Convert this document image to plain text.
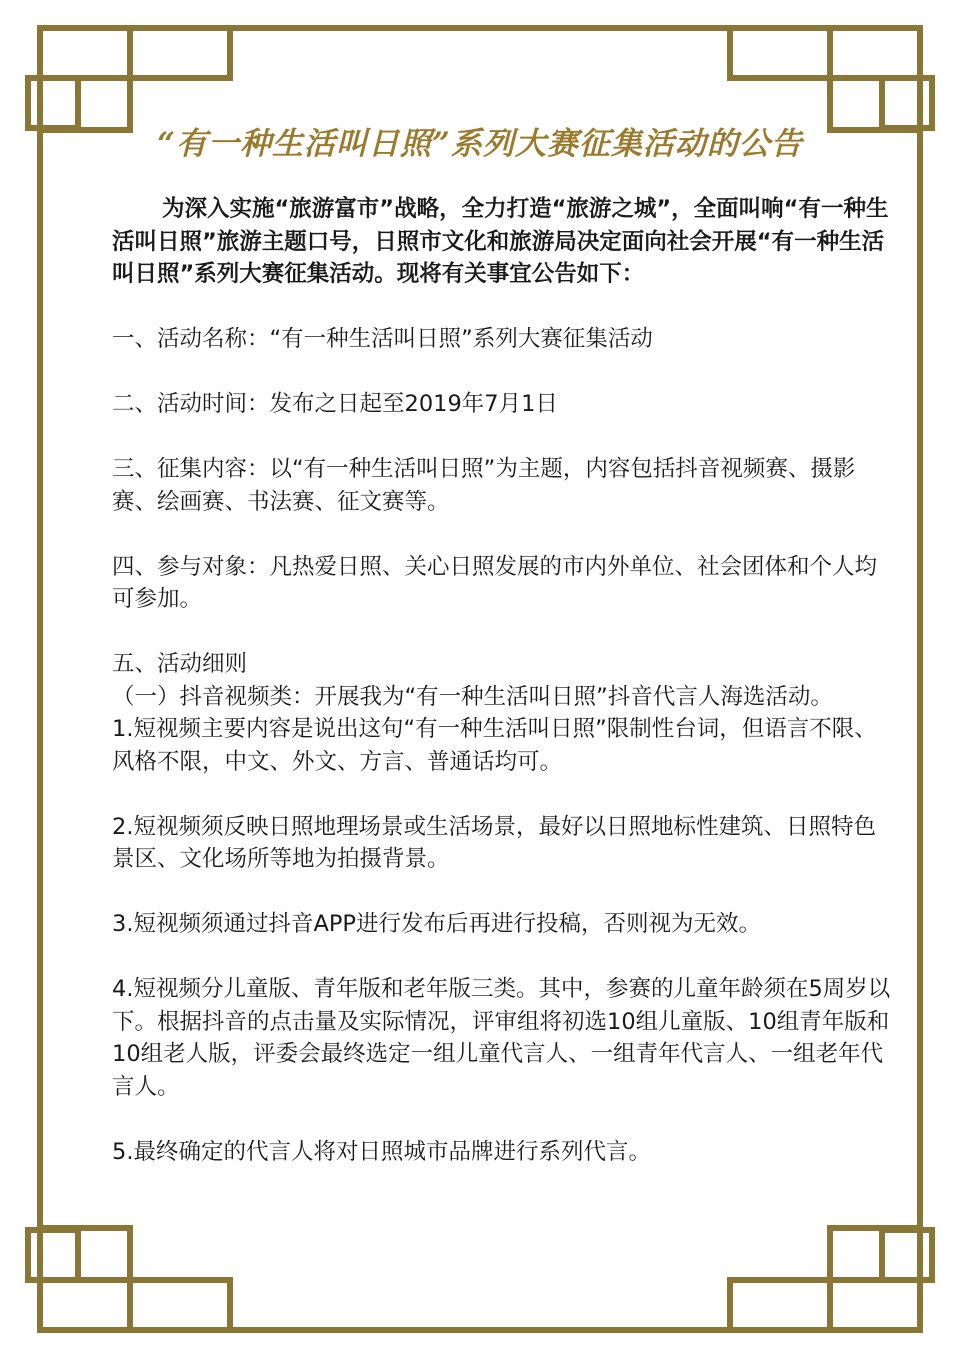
“有一种生活叫日照”系列大赛征集活动的公告

为深入实施“旅游富市”战略，全力打造“旅游之城”，全面叫响“有一种生活叫日照”旅游主题口号，日照市文化和旅游局决定面向社会开展“有一种生活叫日照”系列大赛征集活动。现将有关事宜公告如下：

一、活动名称：“有一种生活叫日照”系列大赛征集活动

二、活动时间：发布之日起至2019年7月1日

三、征集内容：以“有一种生活叫日照”为主题，内容包括抖音视频赛、摄影赛、绘画赛、书法赛、征文赛等。

四、参与对象：凡热爱日照、关心日照发展的市内外单位、社会团体和个人均可参加。

五、活动细则

（一）抖音视频类：开展我为“有一种生活叫日照”抖音代言人海选活动。

1.短视频主要内容是说出这句“有一种生活叫日照”限制性台词，但语言不限、风格不限，中文、外文、方言、普通话均可。

2.短视频须反映日照地理场景或生活场景，最好以日照地标性建筑、日照特色景区、文化场所等地为拍摄背景。

3.短视频须通过抖音APP进行发布后再进行投稿，否则视为无效。

4.短视频分儿童版、青年版和老年版三类。其中，参赛的儿童年龄须在5周岁以下。根据抖音的点击量及实际情况，评审组将初选10组儿童版、10组青年版和10组老人版，评委会最终选定一组儿童代言人、一组青年代言人、一组老年代言人。

5.最终确定的代言人将对日照城市品牌进行系列代言。
